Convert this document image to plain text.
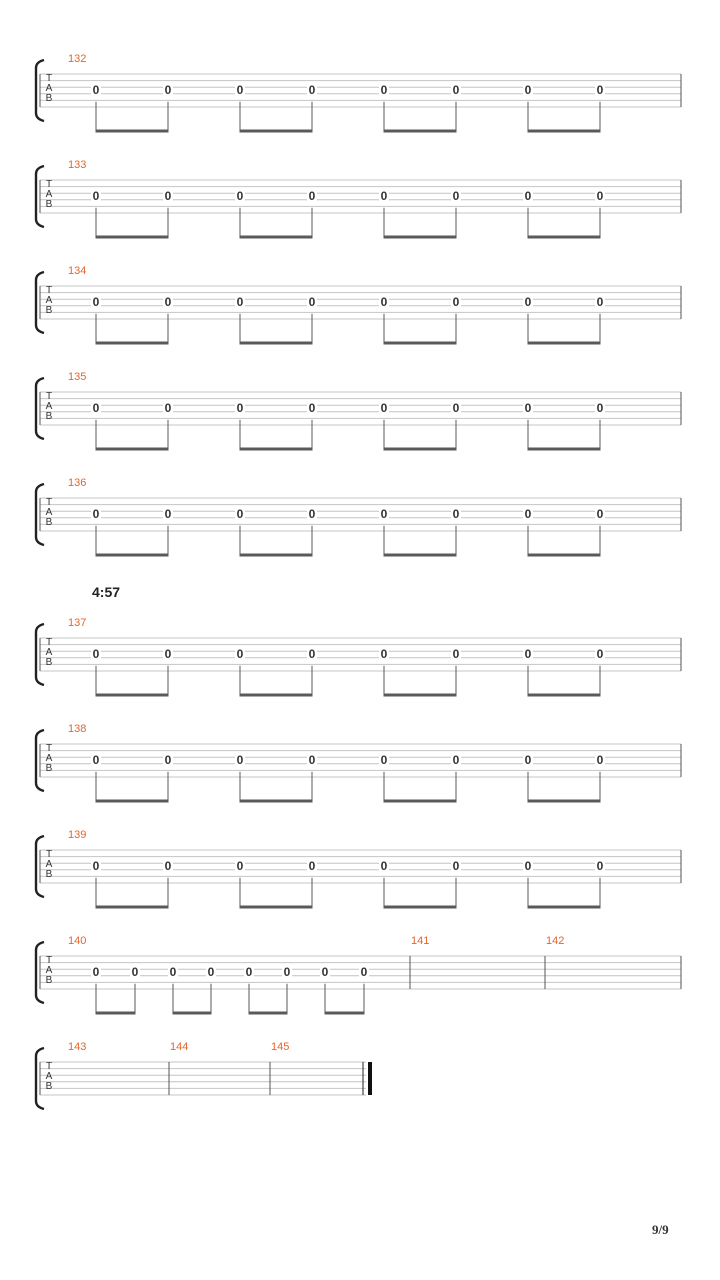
T
A
B
132
0	0	0	0	0	0	0	0
T
A
B
133
0	0	0	0	0	0	0	0
T
A
B
134
0	0	0	0	0	0	0	0
T
A
B
135
0	0	0	0	0	0	0	0
T
A
B
136
0	0	0	0	0	0	0	0
T
A
B
137
0	0	0	0	0	0	0	0
T
A
B
138
0	0	0	0	0	0	0	0
T
A
B
139
0	0	0	0	0	0	0	0
T
A
B
140
0	0	0	0	0	0	0	0
141	142
T
A
B
143	144	145
4:57
9/9
